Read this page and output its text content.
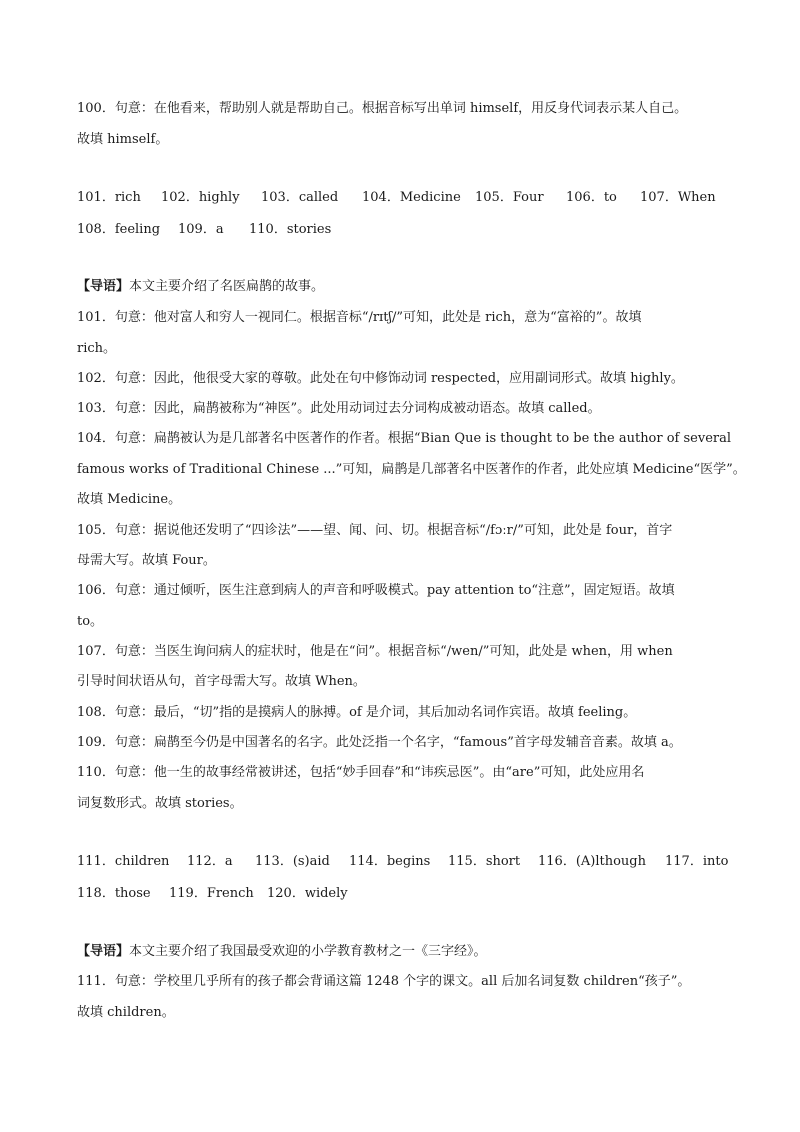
100．句意：在他看来，帮助别人就是帮助自己。根据音标写出单词 himself，用反身代词表示某人自己。
故填 himself。
101．rich 102．highly 103．called 104．Medicine 105．Four 106．to 107．When
108．feeling 109．a 110．stories
【导语】本文主要介绍了名医扁鹊的故事。
101．句意：他对富人和穷人一视同仁。根据音标“/rɪtʃ/”可知，此处是 rich，意为“富裕的”。故填
rich。
102．句意：因此，他很受大家的尊敬。此处在句中修饰动词 respected，应用副词形式。故填 highly。
103．句意：因此，扁鹊被称为“神医”。此处用动词过去分词构成被动语态。故填 called。
104．句意：扁鹊被认为是几部著名中医著作的作者。根据“Bian Que is thought to be the author of several
famous works of Traditional Chinese ...”可知，扁鹊是几部著名中医著作的作者，此处应填 Medicine“医学”。
故填 Medicine。
105．句意：据说他还发明了“四诊法”——望、闻、问、切。根据音标“/fɔːr/”可知，此处是 four，首字
母需大写。故填 Four。
106．句意：通过倾听，医生注意到病人的声音和呼吸模式。pay attention to“注意”，固定短语。故填
to。
107．句意：当医生询问病人的症状时，他是在“问”。根据音标“/wen/”可知，此处是 when，用 when
引导时间状语从句，首字母需大写。故填 When。
108．句意：最后，“切”指的是摸病人的脉搏。of 是介词，其后加动名词作宾语。故填 feeling。
109．句意：扁鹊至今仍是中国著名的名字。此处泛指一个名字，“famous”首字母发辅音音素。故填 a。
110．句意：他一生的故事经常被讲述，包括“妙手回春”和“讳疾忌医”。由“are”可知，此处应用名
词复数形式。故填 stories。
111．children 112．a 113．(s)aid 114．begins 115．short 116．(A)lthough 117．into
118．those 119．French 120．widely
【导语】本文主要介绍了我国最受欢迎的小学教育教材之一《三字经》。
111．句意：学校里几乎所有的孩子都会背诵这篇 1248 个字的课文。all 后加名词复数 children“孩子”。
故填 children。
